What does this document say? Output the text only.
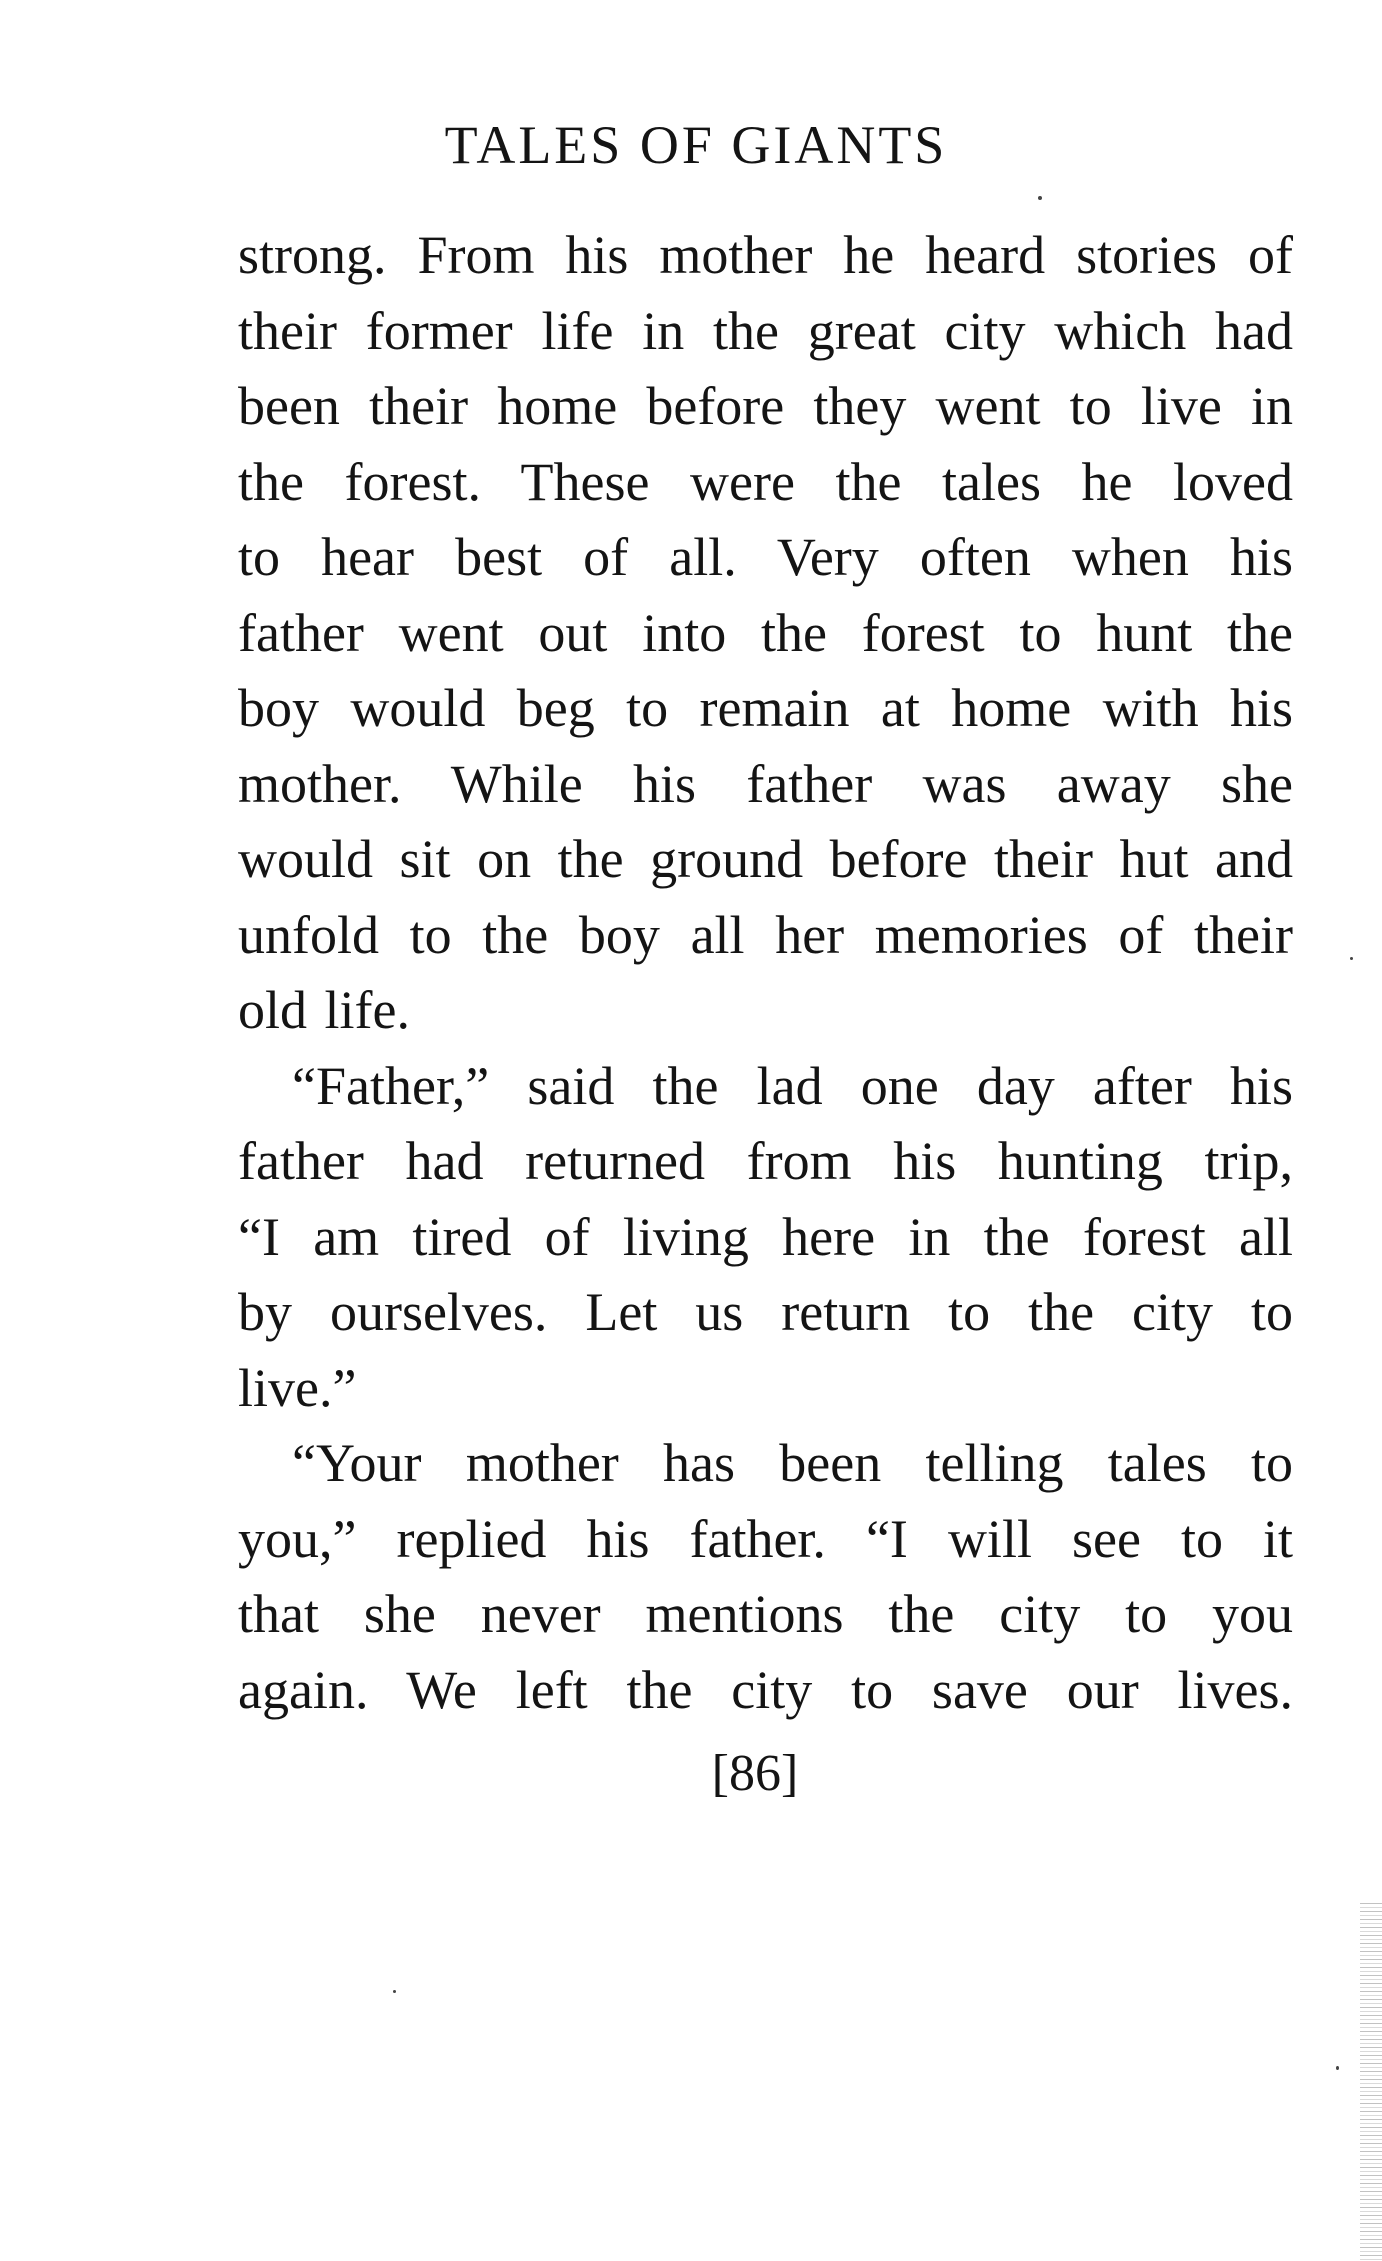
TALES OF GIANTS

strong. From his mother he heard stories of
their former life in the great city which had
been their home before they went to live in
the forest. These were the tales he loved
to hear best of all. Very often when his
father went out into the forest to hunt the
boy would beg to remain at home with his
mother. While his father was away she
would sit on the ground before their hut and
unfold to the boy all her memories of their
old life.

“Father,” said the lad one day after his
father had returned from his hunting trip,
“I am tired of living here in the forest all
by ourselves. Let us return to the city to
live.”

“Your mother has been telling tales to
you,” replied his father. “I will see to it
that she never mentions the city to you
again. We left the city to save our lives.

[86]
